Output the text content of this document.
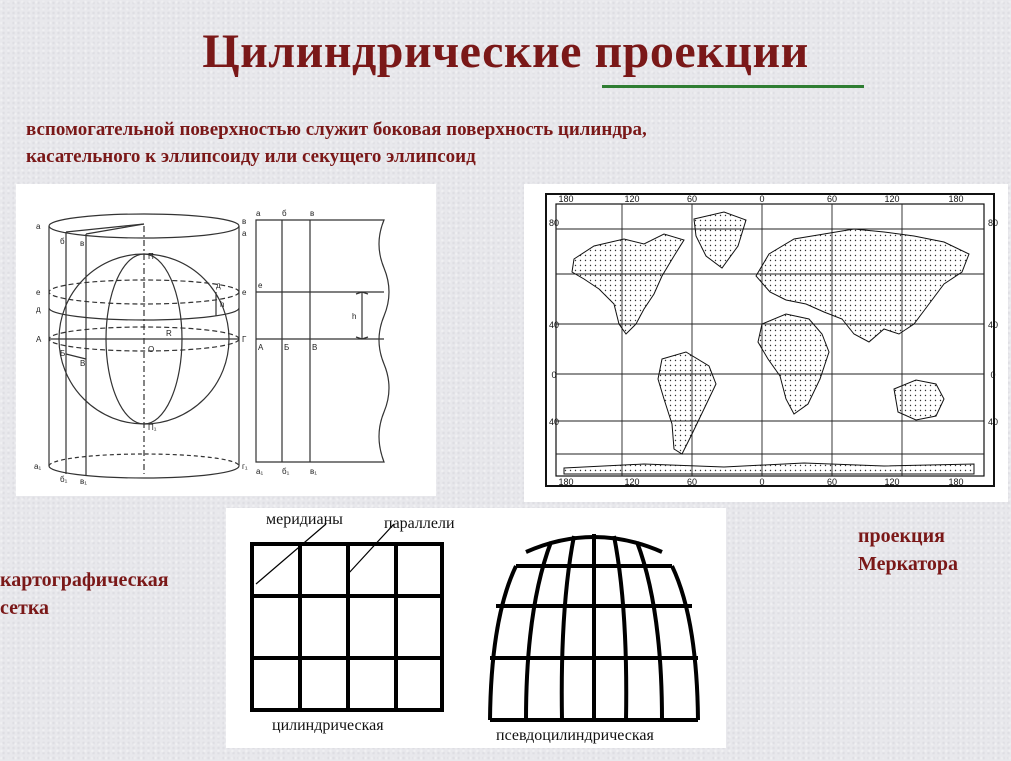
Цилиндрические проекции
вспомогательной поверхностью служит боковая поверхность цилиндра,
касательного к эллипсоиду или секущего эллипсоид
а
б в
е
д
А
Б
В
а₁
б₁ в₁
в
а
е
д
Г
г₁
П
О
R
h
П₁
а	б	в
А	Б	В
а₁ б₁	в₁
е
h
180	120	60	0	60	120	180
180	120	60	0	60	120	180
80
40
0
40
80
40
0
40
проекция
Меркатора
картографическая
сетка
меридианы	параллели
цилиндрическая
псевдоцилиндрическая
